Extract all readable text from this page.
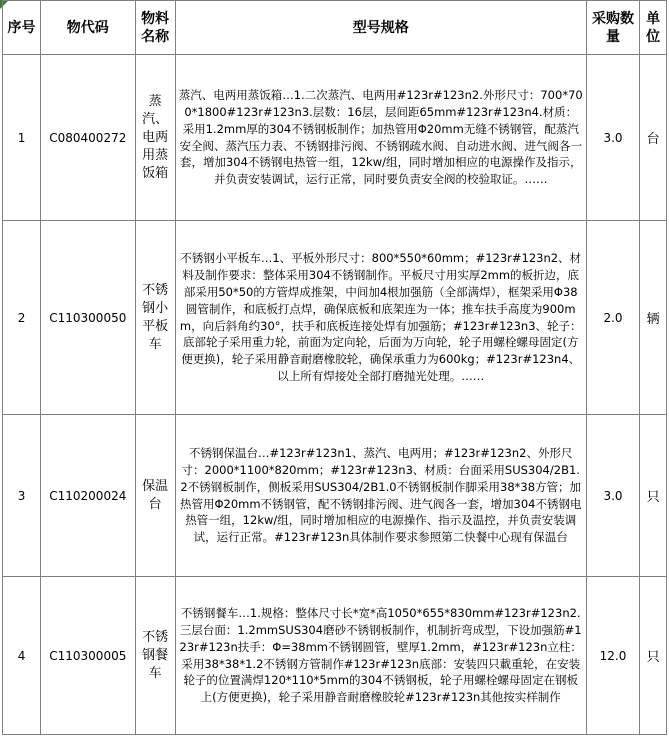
序号	物代码	物料名称	型号规格	采购数量	单位
1	C080400272	蒸汽、电两用蒸饭箱	蒸汽、电两用蒸饭箱…1.二次蒸汽、电两用#123r#123n2.外形尺寸：700*700*1800#123r#123n3.层数：16层，层间距65mm#123r#123n4.材质：采用1.2mm厚的304不锈钢板制作；加热管用Φ20mm无缝不锈钢管，配蒸汽安全阀、蒸汽压力表、不锈钢排污阀、不锈钢疏水阀、自动进水阀、进气阀各一套，增加304不锈钢电热管一组，12kw/组，同时增加相应的电源操作及指示，并负责安装调试，运行正常，同时要负责安全阀的校验取证。……	3.0	台
2	C110300050	不锈钢小平板车	不锈钢小平板车…1、平板外形尺寸：800*550*60mm；#123r#123n2、材料及制作要求：整体采用304不锈钢制作。平板尺寸用实厚2mm的板折边，底部采用50*50的方管焊成推架，中间加4根加强筋（全部满焊），框架采用Φ38圆管制作，和底板打点焊，确保底板和底架连为一体；推车扶手高度为900mm，向后斜角约30°，扶手和底板连接处焊有加强筋；#123r#123n3、轮子：底部轮子采用重力轮，前面为定向轮，后面为万向轮，轮子用螺栓螺母固定(方便更换)，轮子采用静音耐磨橡胶轮，确保承重力为600kg；#123r#123n4、以上所有焊接处全部打磨抛光处理。……	2.0	辆
3	C110200024	保温台	不锈钢保温台…#123r#123n1、蒸汽、电两用；#123r#123n2、外形尺寸：2000*1100*820mm；#123r#123n3、材质：台面采用SUS304/2B1.2不锈钢板制作，侧板采用SUS304/2B1.0不锈钢板制作脚采用38*38方管；加热管用Φ20mm不锈钢管，配不锈钢排污阀、进气阀各一套，增加304不锈钢电热管一组，12kw/组，同时增加相应的电源操作、指示及温控，并负责安装调试，运行正常。#123r#123n具体制作要求参照第二快餐中心现有保温台	3.0	只
4	C110300005	不锈钢餐车	不锈钢餐车…1.规格：整体尺寸长*宽*高1050*655*830mm#123r#123n2.三层台面：1.2mmSUS304磨砂不锈钢板制作，机制折弯成型，下设加强筋#123r#123n扶手：Φ=38mm不锈钢圆管，壁厚1.2mm，#123r#123n立柱：采用38*38*1.2不锈钢方管制作#123r#123n底部：安装四只載重轮，在安装轮子的位置满焊120*110*5mm的304不锈钢板，轮子用螺栓螺母固定在钢板上(方便更换)，轮子采用静音耐磨橡胶轮#123r#123n其他按实样制作	12.0	只
